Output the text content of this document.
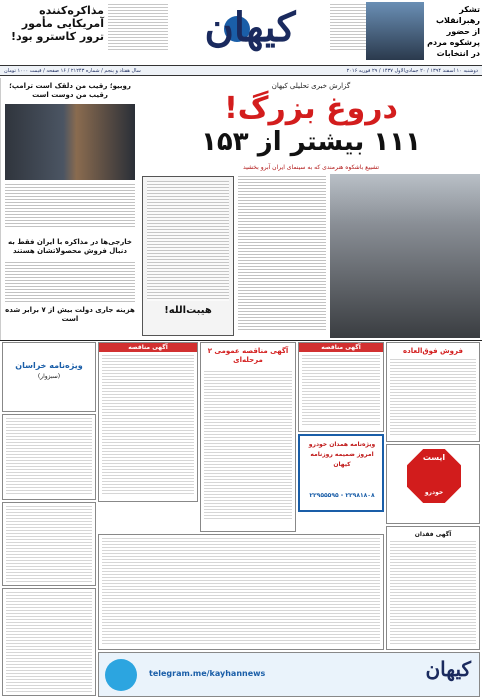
مذاکره‌کننده آمریکایی مأمور ترور کاسترو بود!	کیهان	تشکر رهبرانقلاب از حضور پرشکوه مردم در انتخابات
دوشنبه ۱۰ اسفند ۱۳۹۴ / ۲۰ جمادی‌الاول ۱۴۳۷ / ۲۹ فوریه ۲۰۱۶
سال هفتاد و پنجم / شماره ۲۱۲۴۳ / ۱۶ صفحه / قیمت ۱۰۰۰ تومان
روبیو؛ رقیب من دلقک است ترامپ؛ رقیب من دوست است
خارجی‌ها در مذاکره با ایران فقط به دنبال فروش محصولاتشان هستند
هزینه جاری دولت بیش از ۷ برابر شده است
گزارش خبری تحلیلی کیهان
دروغ بزرگ!
۱۱۱ بیشتر از ۱۵۳
تشییع باشکوه هنرمندی که به سینمای ایران آبرو بخشید
هیبت‌الله!
ویژه‌نامه خراسان
(سبزوار)
آگهی مناقصه	آگهی مناقصه عمومی ۲ مرحله‌ای
آگهی مناقصه	فروش فوق‌العاده
ویژه‌نامه همدان خودرو امروز ضمیمه روزنامه کیهان
۲۲۹۸۱۸۰۸ - ۲۲۹۵۵۵۹۵
ایست
خودرو
آگهی فقدان
telegram.me/kayhannews	کیهان
